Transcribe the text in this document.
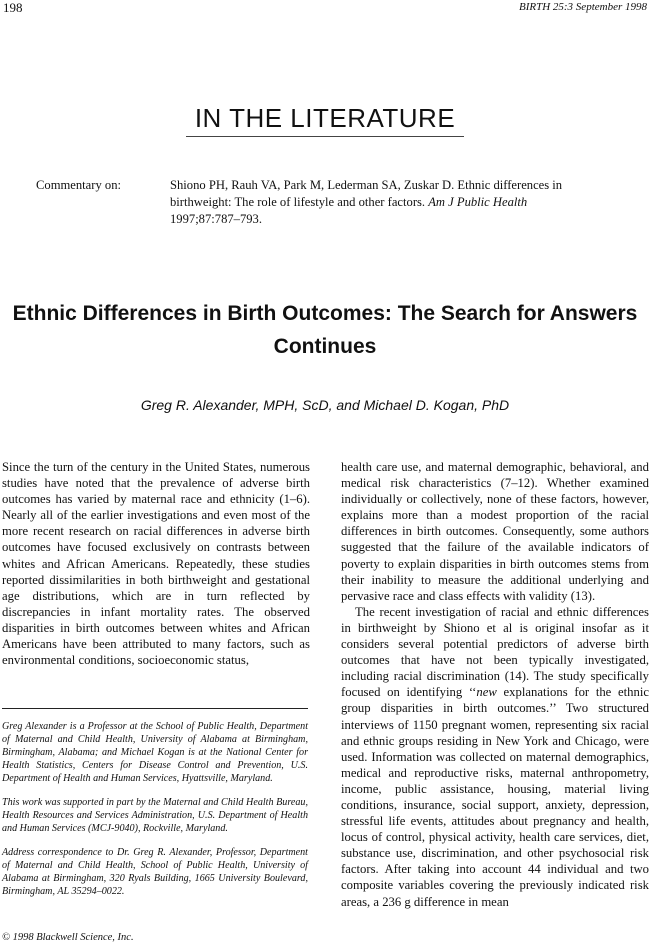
198	BIRTH 25:3 September 1998
IN THE LITERATURE
Commentary on:	Shiono PH, Rauh VA, Park M, Lederman SA, Zuskar D. Ethnic differences in birthweight: The role of lifestyle and other factors. Am J Public Health 1997;87:787–793.
Ethnic Differences in Birth Outcomes: The Search for Answers Continues
Greg R. Alexander, MPH, ScD, and Michael D. Kogan, PhD

Since the turn of the century in the United States, numerous studies have noted that the prevalence of adverse birth outcomes has varied by maternal race and ethnicity (1–6). Nearly all of the earlier investigations and even most of the more recent research on racial differences in adverse birth outcomes have focused exclusively on contrasts between whites and African Americans. Repeatedly, these studies reported dissimilarities in both birthweight and gestational age distributions, which are in turn reflected by discrepancies in infant mortality rates. The observed disparities in birth outcomes between whites and African Americans have been attributed to many factors, such as environmental conditions, socioeconomic status,

Greg Alexander is a Professor at the School of Public Health, Department of Maternal and Child Health, University of Alabama at Birmingham, Birmingham, Alabama; and Michael Kogan is at the National Center for Health Statistics, Centers for Disease Control and Prevention, U.S. Department of Health and Human Services, Hyattsville, Maryland.

This work was supported in part by the Maternal and Child Health Bureau, Health Resources and Services Administration, U.S. Department of Health and Human Services (MCJ-9040), Rockville, Maryland.

Address correspondence to Dr. Greg R. Alexander, Professor, Department of Maternal and Child Health, School of Public Health, University of Alabama at Birmingham, 320 Ryals Building, 1665 University Boulevard, Birmingham, AL 35294–0022.

© 1998 Blackwell Science, Inc.

health care use, and maternal demographic, behavioral, and medical risk characteristics (7–12). Whether examined individually or collectively, none of these factors, however, explains more than a modest proportion of the racial differences in birth outcomes. Consequently, some authors suggested that the failure of the available indicators of poverty to explain disparities in birth outcomes stems from their inability to measure the additional underlying and pervasive race and class effects with validity (13).

The recent investigation of racial and ethnic differences in birthweight by Shiono et al is original insofar as it considers several potential predictors of adverse birth outcomes that have not been typically investigated, including racial discrimination (14). The study specifically focused on identifying ‘‘new explanations for the ethnic group disparities in birth outcomes.’’ Two structured interviews of 1150 pregnant women, representing six racial and ethnic groups residing in New York and Chicago, were used. Information was collected on maternal demographics, medical and reproductive risks, maternal anthropometry, income, public assistance, housing, material living conditions, insurance, social support, anxiety, depression, stressful life events, attitudes about pregnancy and health, locus of control, physical activity, health care services, diet, substance use, discrimination, and other psychosocial risk factors. After taking into account 44 individual and two composite variables covering the previously indicated risk areas, a 236 g difference in mean
